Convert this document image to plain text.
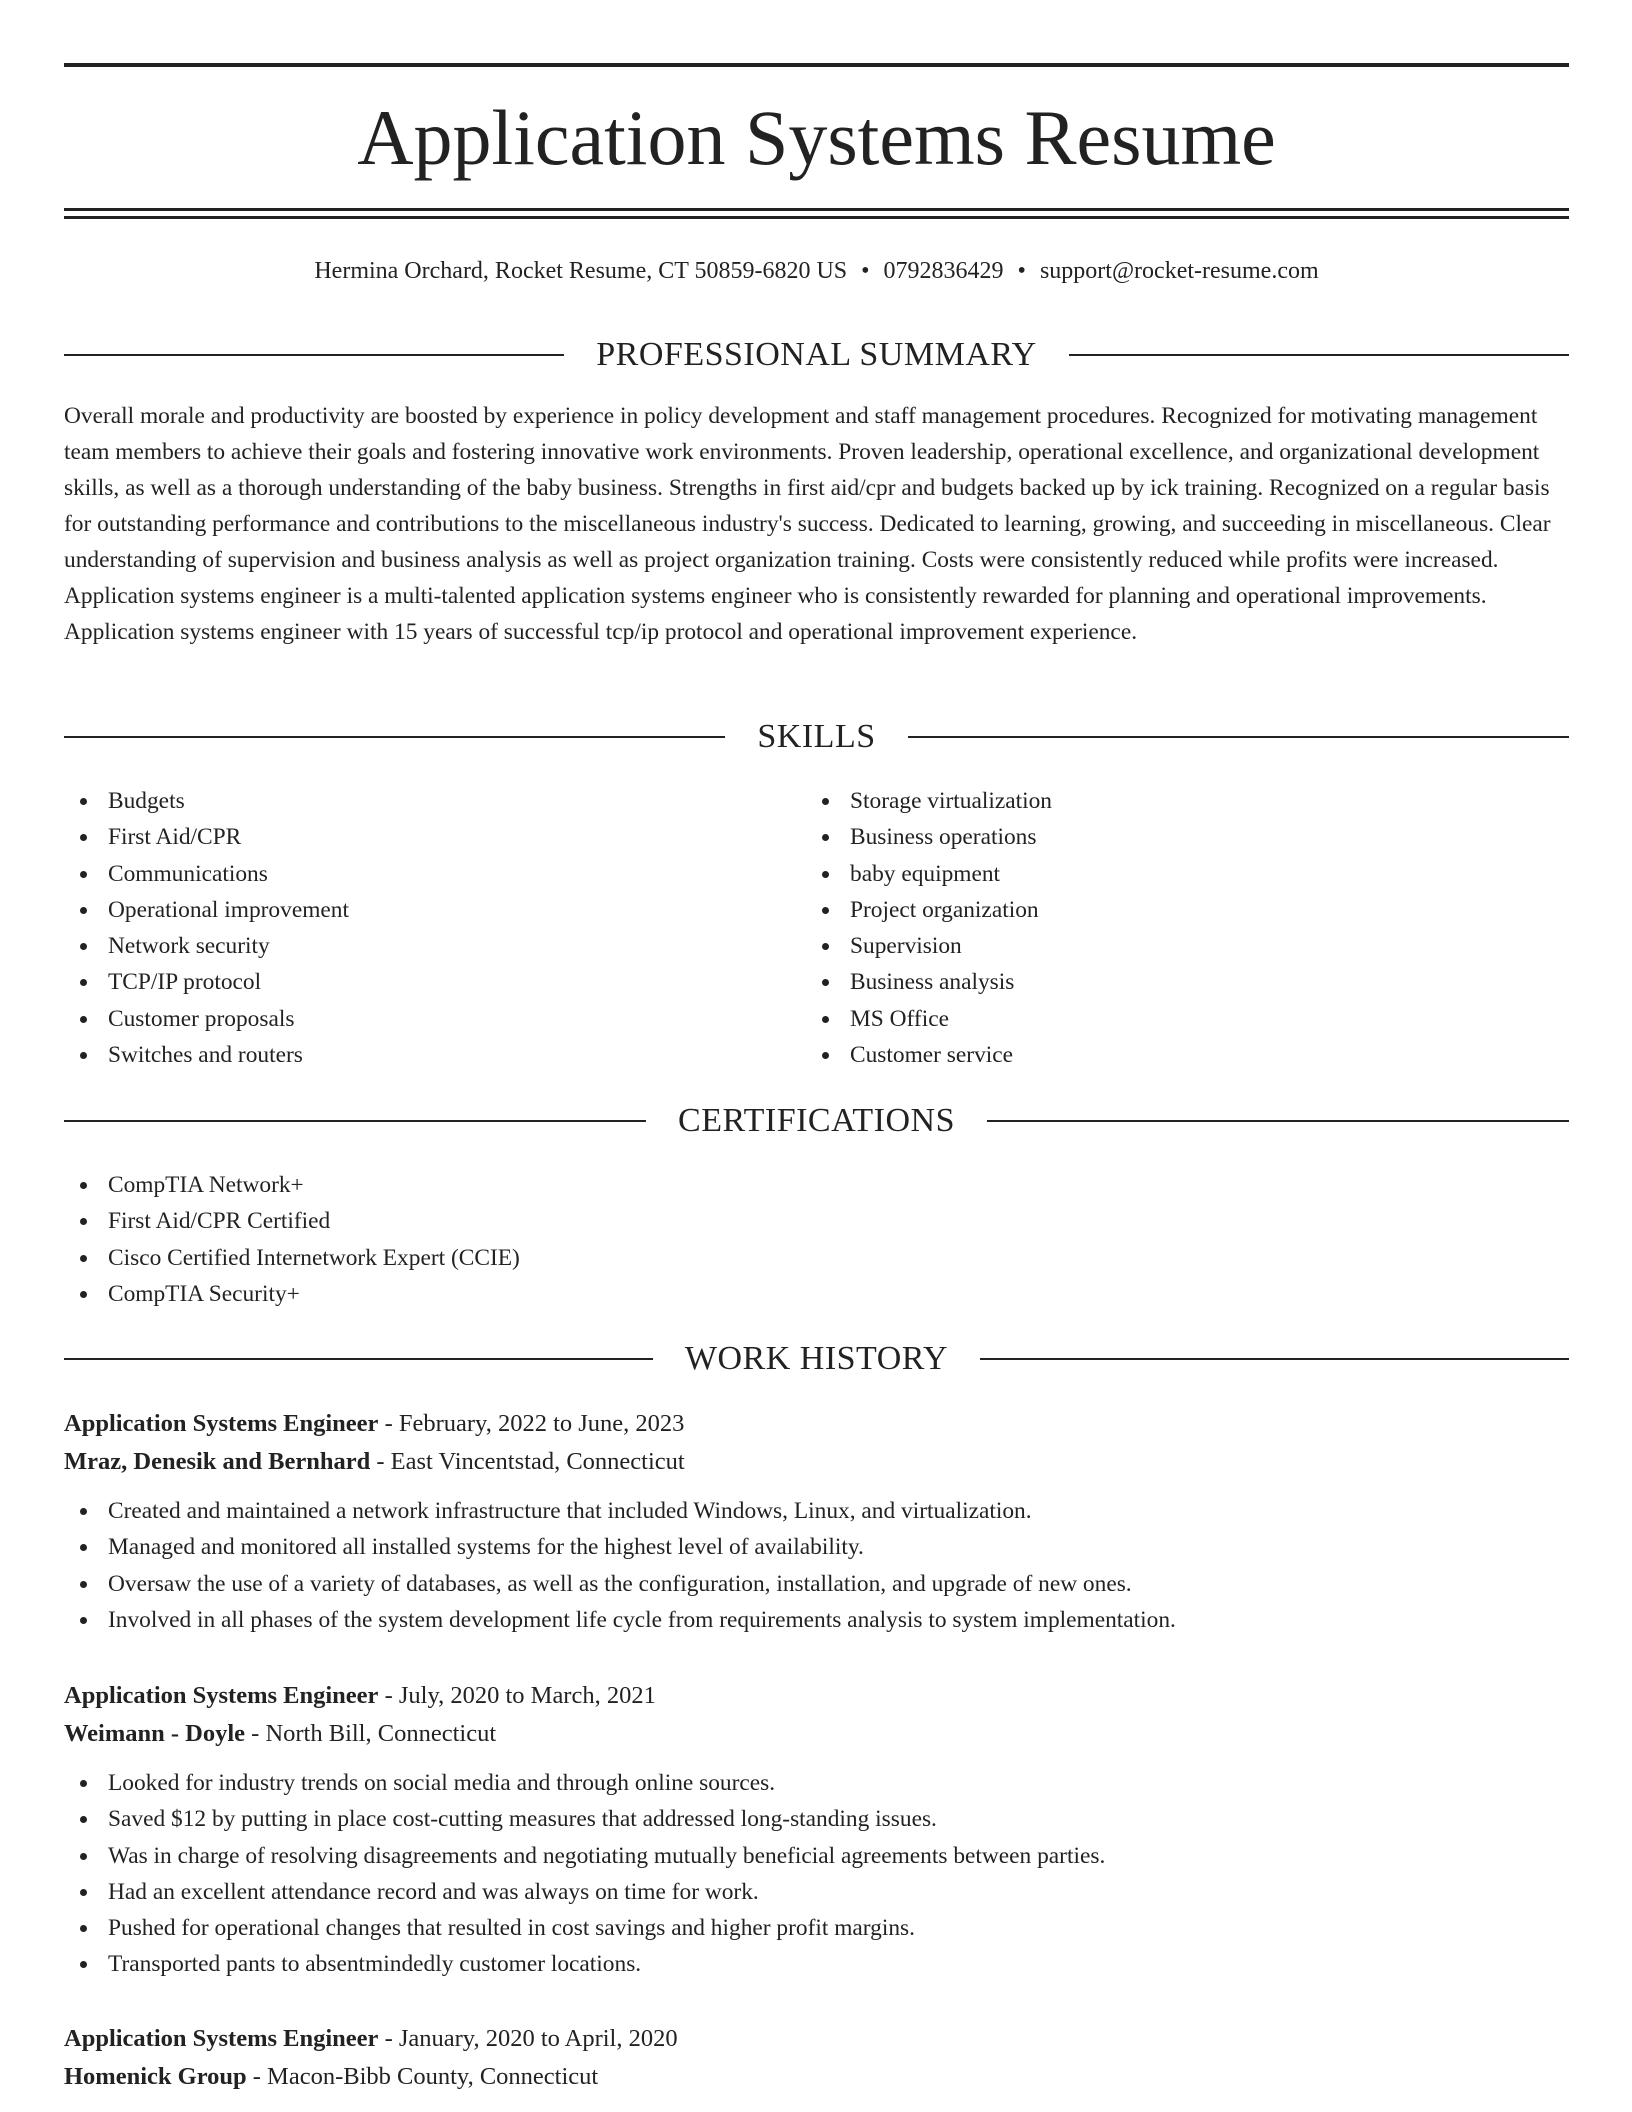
Application Systems Resume
Hermina Orchard, Rocket Resume, CT 50859-6820 US • 0792836429 • support@rocket-resume.com
PROFESSIONAL SUMMARY

Overall morale and productivity are boosted by experience in policy development and staff management procedures. Recognized for motivating management team members to achieve their goals and fostering innovative work environments. Proven leadership, operational excellence, and organizational development skills, as well as a thorough understanding of the baby business. Strengths in first aid/cpr and budgets backed up by ick training. Recognized on a regular basis for outstanding performance and contributions to the miscellaneous industry's success. Dedicated to learning, growing, and succeeding in miscellaneous. Clear understanding of supervision and business analysis as well as project organization training. Costs were consistently reduced while profits were increased. Application systems engineer is a multi-talented application systems engineer who is consistently rewarded for planning and operational improvements. Application systems engineer with 15 years of successful tcp/ip protocol and operational improvement experience.

SKILLS
Budgets
First Aid/CPR
Communications
Operational improvement
Network security
TCP/IP protocol
Customer proposals
Switches and routers
Storage virtualization
Business operations
baby equipment
Project organization
Supervision
Business analysis
MS Office
Customer service
CERTIFICATIONS
CompTIA Network+
First Aid/CPR Certified
Cisco Certified Internetwork Expert (CCIE)
CompTIA Security+
WORK HISTORY
Application Systems Engineer - February, 2022 to June, 2023
Mraz, Denesik and Bernhard - East Vincentstad, Connecticut
Created and maintained a network infrastructure that included Windows, Linux, and virtualization.
Managed and monitored all installed systems for the highest level of availability.
Oversaw the use of a variety of databases, as well as the configuration, installation, and upgrade of new ones.
Involved in all phases of the system development life cycle from requirements analysis to system implementation.
Application Systems Engineer - July, 2020 to March, 2021
Weimann - Doyle - North Bill, Connecticut
Looked for industry trends on social media and through online sources.
Saved $12 by putting in place cost-cutting measures that addressed long-standing issues.
Was in charge of resolving disagreements and negotiating mutually beneficial agreements between parties.
Had an excellent attendance record and was always on time for work.
Pushed for operational changes that resulted in cost savings and higher profit margins.
Transported pants to absentmindedly customer locations.
Application Systems Engineer - January, 2020 to April, 2020
Homenick Group - Macon-Bibb County, Connecticut
